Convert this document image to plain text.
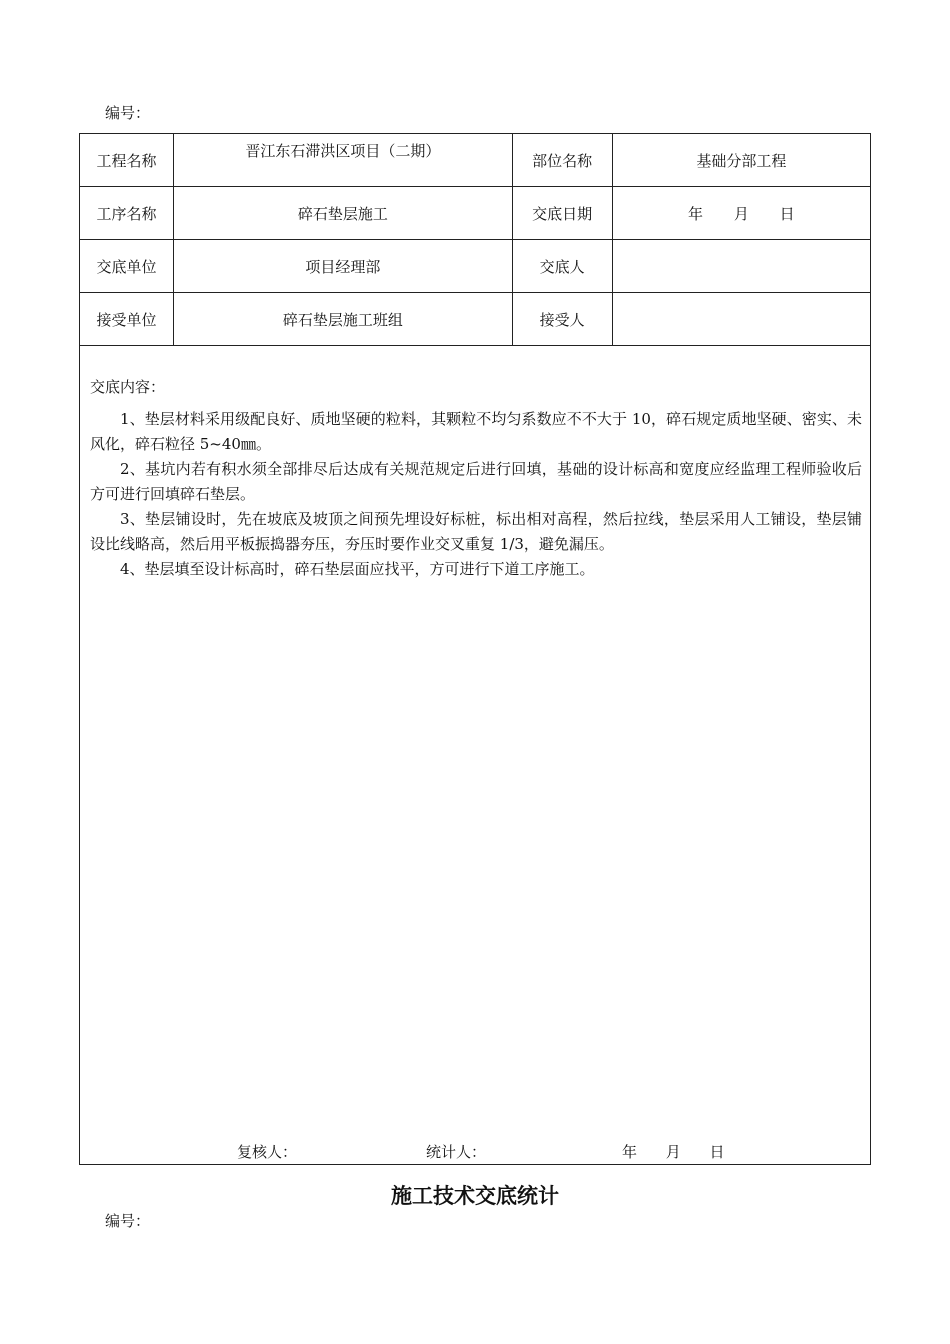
编号：
工程名称	晋江东石滞洪区项目（二期）	部位名称	基础分部工程
工序名称	碎石垫层施工	交底日期	年 月 日
交底单位	项目经理部	交底人	
接受单位	碎石垫层施工班组	接受人	

交底内容：

1、垫层材料采用级配良好、质地坚硬的粒料，其颗粒不均匀系数应不不大于 10，碎石规定质地坚硬、密实、未风化，碎石粒径 5~40㎜。

2、基坑内若有积水须全部排尽后达成有关规范规定后进行回填，基础的设计标高和宽度应经监理工程师验收后方可进行回填碎石垫层。

3、垫层铺设时，先在坡底及坡顶之间预先埋设好标桩，标出相对高程，然后拉线，垫层采用人工铺设，垫层铺设比线略高，然后用平板振捣器夯压，夯压时要作业交叉重复 1/3，避免漏压。

4、垫层填至设计标高时，碎石垫层面应找平，方可进行下道工序施工。			

复核人：	统计人：	年 月 日
施工技术交底统计
编号：
